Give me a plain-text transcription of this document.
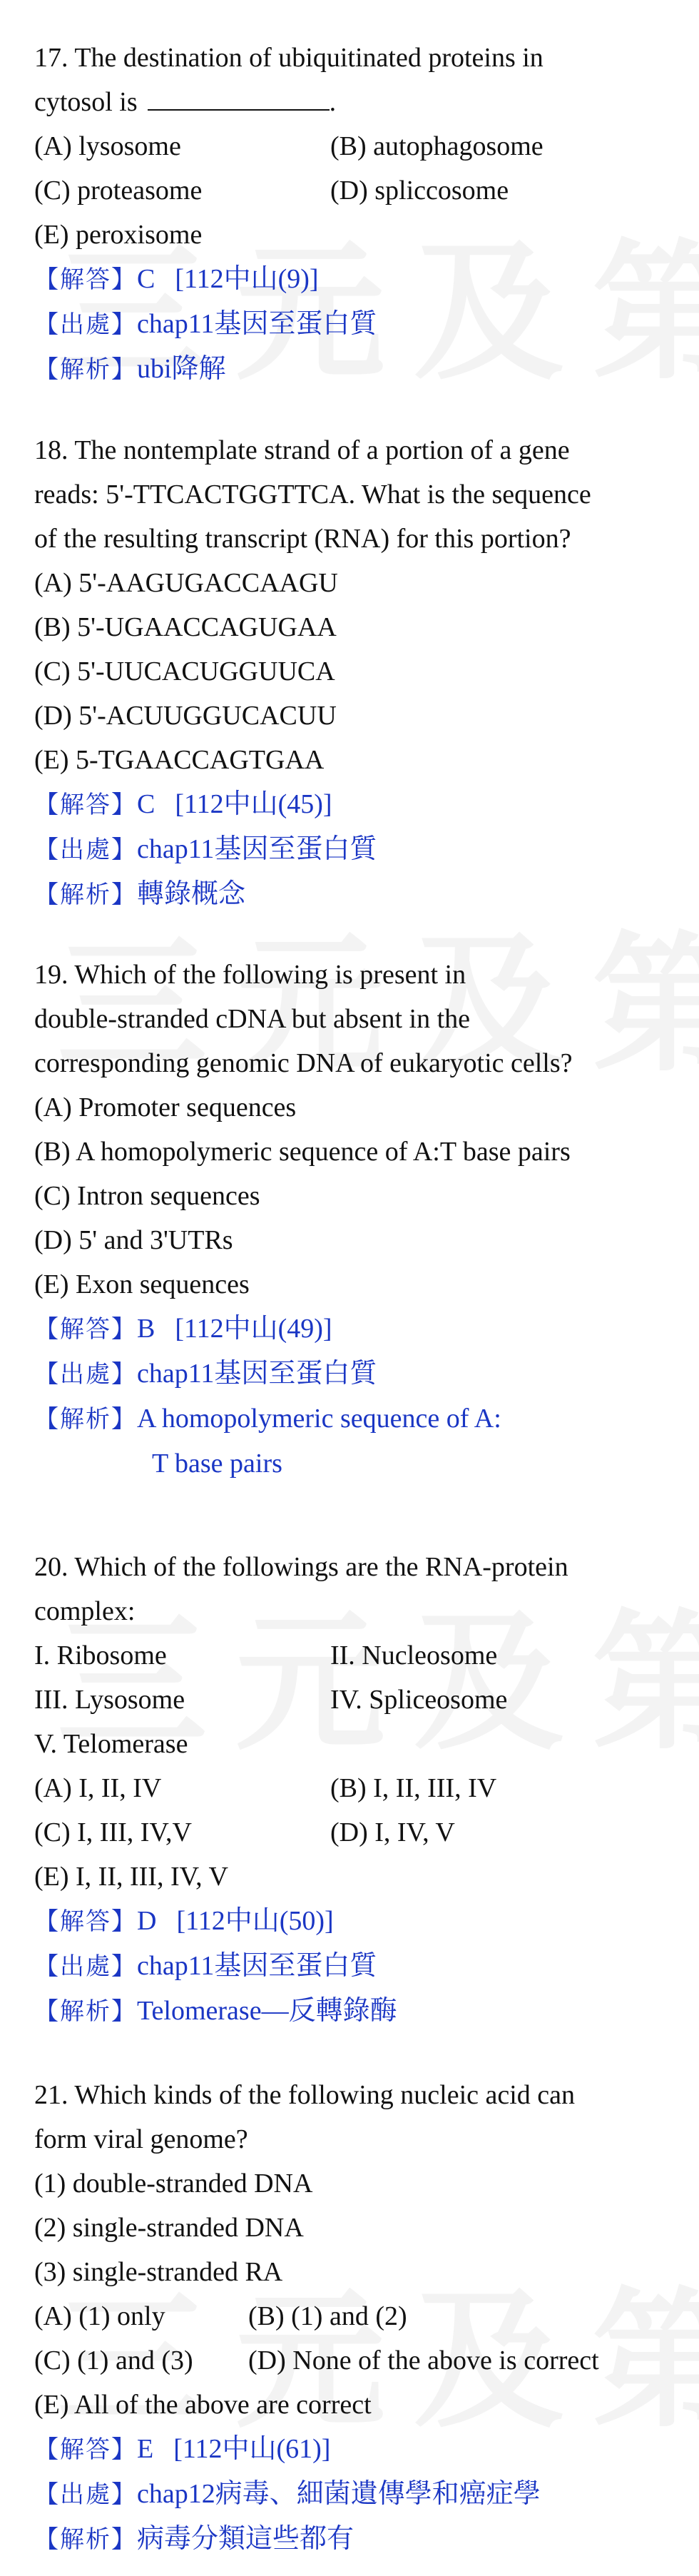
17. The destination of ubiquitinated proteins in
cytosol is	.
(A) lysosome	(B) autophagosome
(C) proteasome	(D) spliccosome
(E) peroxisome
【解答】C [112中山(9)]
【出處】chap11基因至蛋白質
【解析】ubi降解
18. The nontemplate strand of a portion of a gene
reads: 5'-TTCACTGGTTCA. What is the sequence
of the resulting transcript (RNA) for this portion?
(A) 5'-AAGUGACCAAGU
(B) 5'-UGAACCAGUGAA
(C) 5'-UUCACUGGUUCA
(D) 5'-ACUUGGUCACUU
(E) 5-TGAACCAGTGAA
【解答】C [112中山(45)]
【出處】chap11基因至蛋白質
【解析】轉錄概念
19. Which of the following is present in
double-stranded cDNA but absent in the
corresponding genomic DNA of eukaryotic cells?
(A) Promoter sequences
(B) A homopolymeric sequence of A:T base pairs
(C) Intron sequences
(D) 5' and 3'UTRs
(E) Exon sequences
【解答】B [112中山(49)]
【出處】chap11基因至蛋白質
【解析】A homopolymeric sequence of A:
T base pairs
20. Which of the followings are the RNA-protein
complex:
I. Ribosome	II. Nucleosome
III. Lysosome	IV. Spliceosome
V. Telomerase
(A) I, II, IV	(B) I, II, III, IV
(C) I, III, IV,V	(D) I, IV, V
(E) I, II, III, IV, V
【解答】D [112中山(50)]
【出處】chap11基因至蛋白質
【解析】Telomerase—反轉錄酶
21. Which kinds of the following nucleic acid can
form viral genome?
(1) double-stranded DNA
(2) single-stranded DNA
(3) single-stranded RA
(A) (1) only	(B) (1) and (2)
(C) (1) and (3)	(D) None of the above is correct
(E) All of the above are correct
【解答】E [112中山(61)]
【出處】chap12病毒、細菌遺傳學和癌症學
【解析】病毒分類這些都有
